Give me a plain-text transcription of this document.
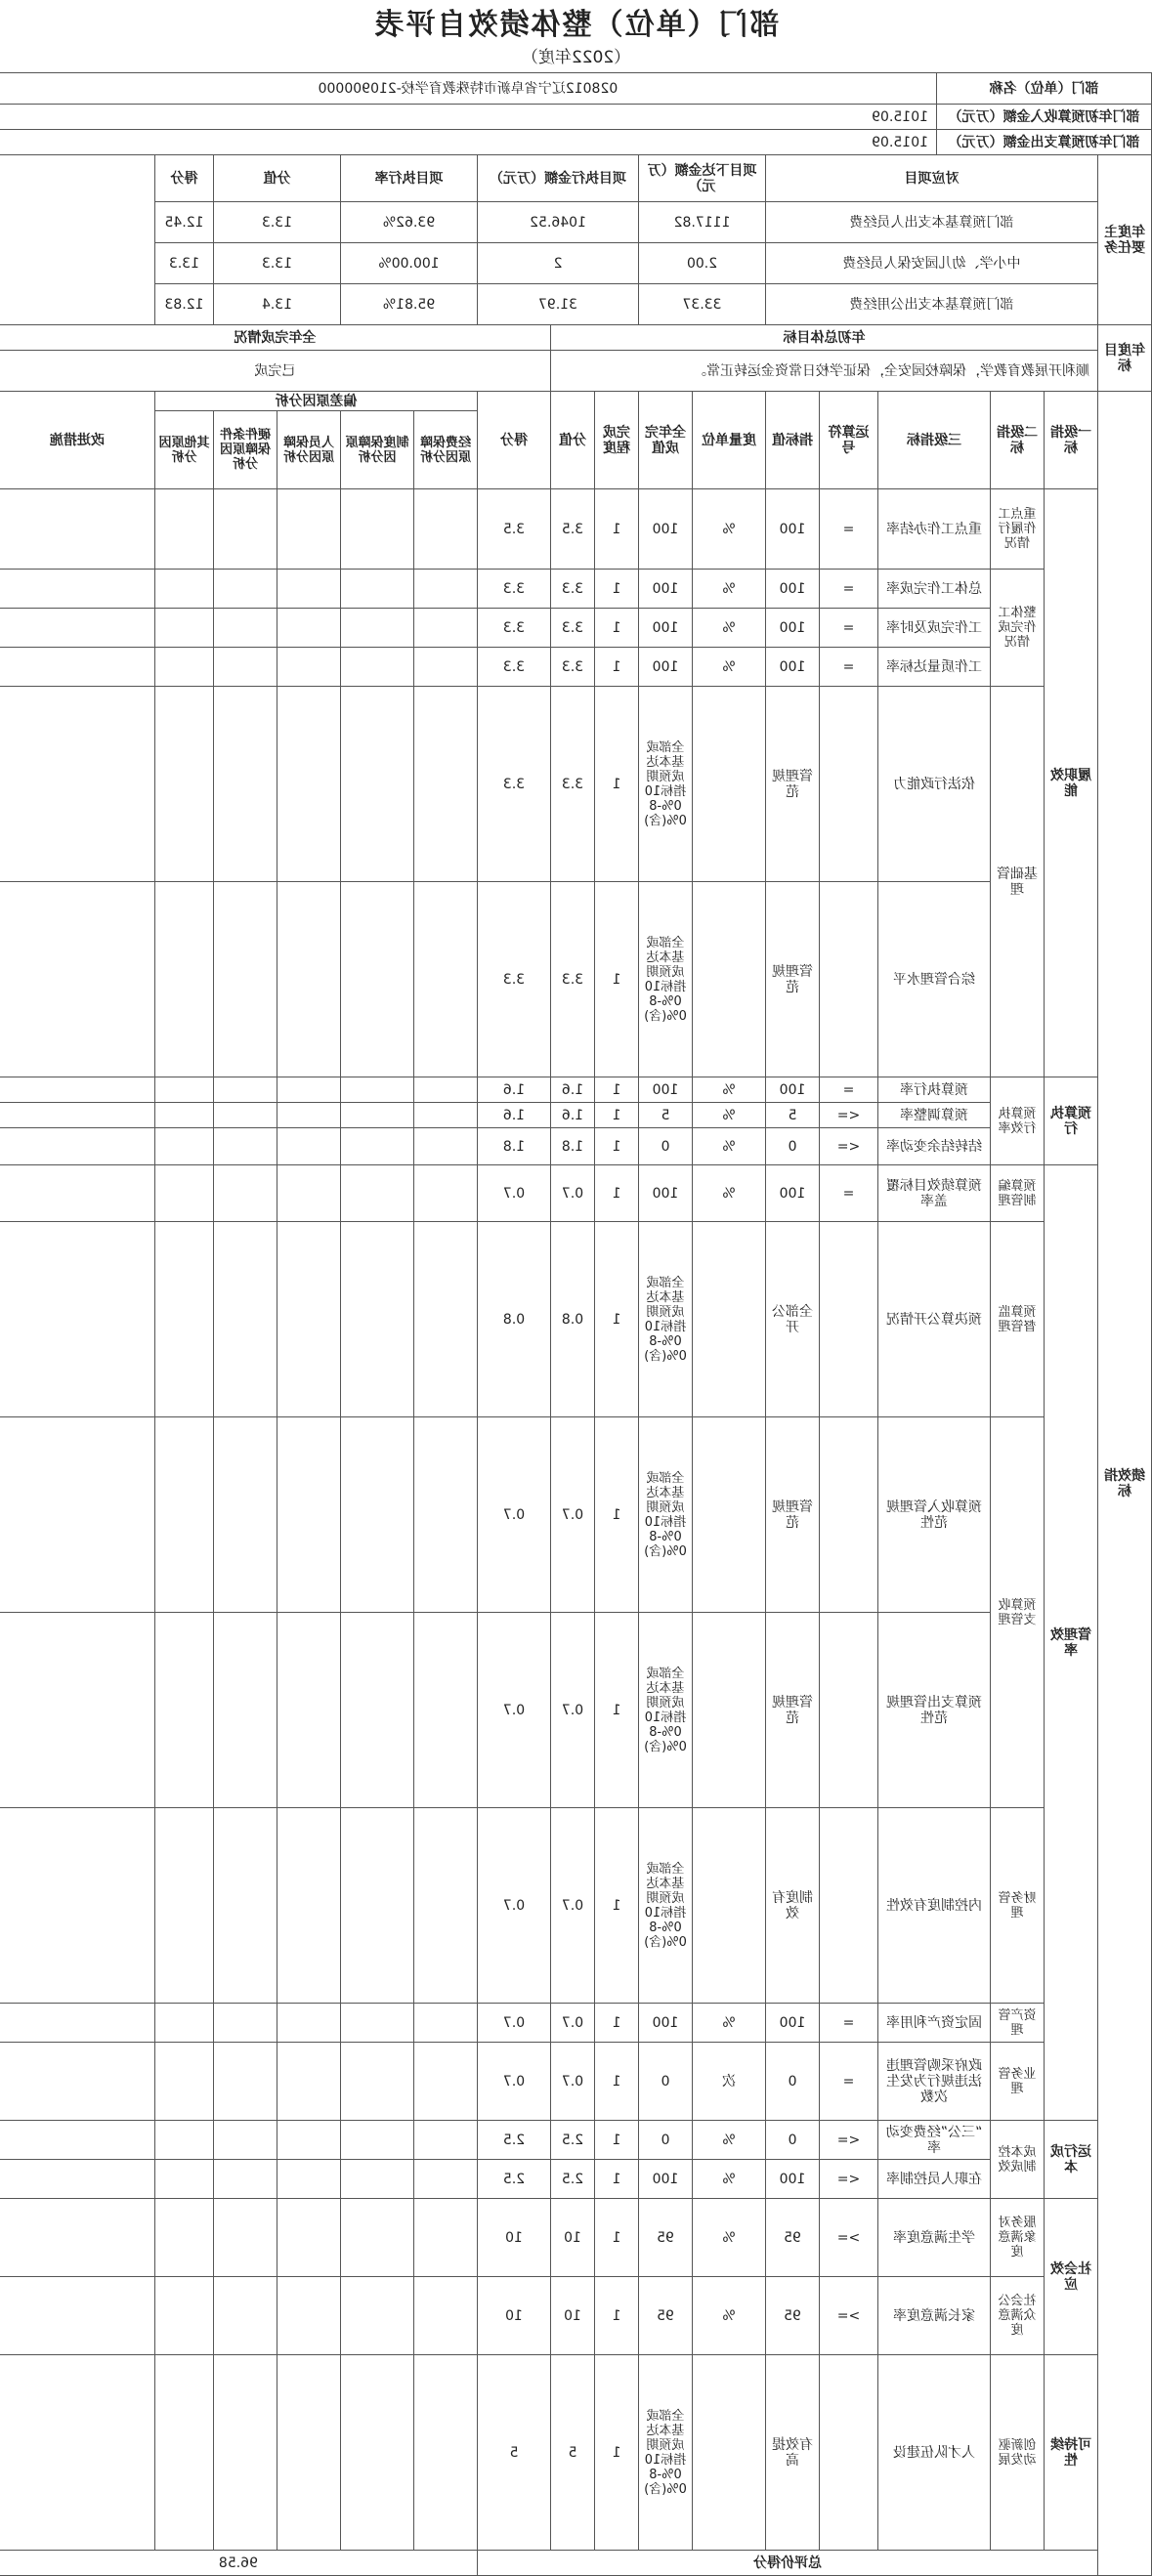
部门（单位）整体绩效自评表
（2022年度）
部门（单位）名称				028012辽宁省阜新市特殊教育学校-210900000													
部门年初预算收入金额（万元）				1015.09													
部门年初预算支出金额（万元）				1015.09													
年度主要任务	对应项目						项目下达金额（万元）		项目执行金额（万元）			项目执行率		分值		得分	
	部门预算基本支出人员经费						1117.82		1046.52			93.62%		13.3		12.45	
	中小学、幼儿园安保人员经费						2.00		2			100.00%		13.3		13.3	
	部门预算基本支出公用经费						33.37		31.97			95.81%		13.4		12.83	
年度目标	年初总体目标										全年完成情况						
	顺利开展教育教学，保障校园安全，保证学校日常资金运转正常。										已完成						
绩效指标	一级指标	二级指标	三级指标		运算符号	指标值	度量单位	全年完成值	完成程度	分值	得分	偏差原因分析					改进措施
												经费保障原因分析	制度保障原因分析	人员保障原因分析	硬件条件保障原因分析	其他原因分析	
	履职效能	重点工作履行情况	重点工作办结率		=	100	%	100	1	3.5	3.5						
		整体工作完成情况	总体工作完成率		=	100	%	100	1	3.3	3.3						
			工作完成及时率		=	100	%	100	1	3.3	3.3						
			工作质量达标率		=	100	%	100	1	3.3	3.3						
		基础管理	依法行政能力			管理规范		全部或基本达成预期指标100%-80%(含)	1	3.3	3.3						
			综合管理水平			管理规范		全部或基本达成预期指标100%-80%(含)	1	3.3	3.3						
	预算执行	预算执行效率	预算执行率		=	100	%	100	1	1.6	1.6						
			预算调整率		<=	5	%	5	1	1.6	1.6						
			结转结余变动率		<=	0	%	0	1	1.8	1.8						
	管理效率	预算编制管理	预算绩效目标覆盖率		=	100	%	100	1	0.7	0.7						
		预算监督管理	预决算公开情况			全部公开		全部或基本达成预期指标100%-80%(含)	1	0.8	0.8						
		预算收支管理	预算收入管理规范性			管理规范		全部或基本达成预期指标100%-80%(含)	1	0.7	0.7						
			预算支出管理规范性			管理规范		全部或基本达成预期指标100%-80%(含)	1	0.7	0.7						
		财务管理	内控制度有效性			制度有效		全部或基本达成预期指标100%-80%(含)	1	0.7	0.7						
		资产管理	固定资产利用率		=	100	%	100	1	0.7	0.7						
		业务管理	政府采购管理违法违规行为发生次数		=	0	次	0	1	0.7	0.7						
	运行成本	成本控制成效	“三公”经费变动率		<=	0	%	0	1	2.5	2.5						
			在职人员控制率		<=	100	%	100	1	2.5	2.5						
	社会效应	服务对象满意度	学生满意度率		>=	95	%	95	1	10	10						
		社会公众满意度	家长满意度率		>=	95	%	95	1	10	10						
	可持续性	创新驱动发展	人才队伍建设			有效提高		全部或基本达成预期指标100%-80%(含)	1	5	5						
	总评价得分											96.58					
